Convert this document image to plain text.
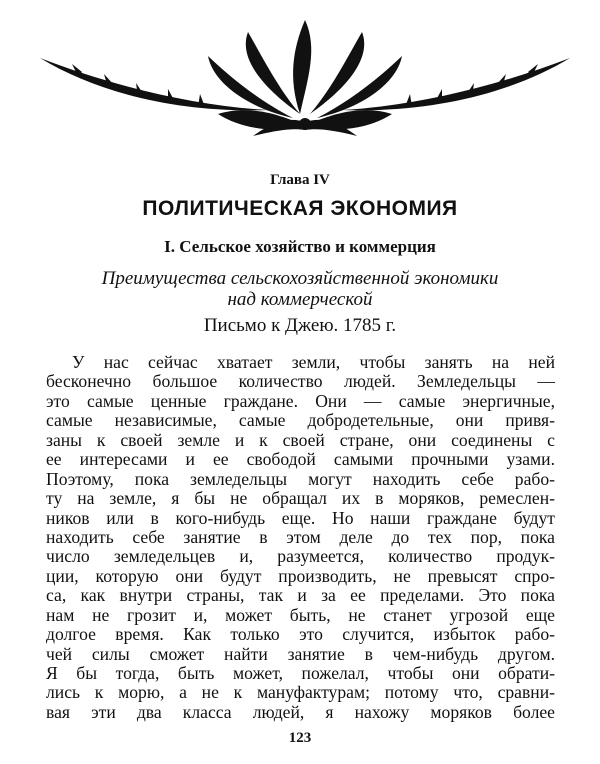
Глава IV
ПОЛИТИЧЕСКАЯ ЭКОНОМИЯ
I. Сельское хозяйство и коммерция
Преимущества сельскохозяйственной экономики
над коммерческой
Письмо к Джею. 1785 г.
У нас сейчас хватает земли, чтобы занять на ней
бесконечно большое количество людей. Земледельцы —
это самые ценные граждане. Они — самые энергичные,
самые независимые, самые добродетельные, они привя-
заны к своей земле и к своей стране, они соединены с
ее интересами и ее свободой самыми прочными узами.
Поэтому, пока земледельцы могут находить себе рабо-
ту на земле, я бы не обращал их в моряков, ремеслен-
ников или в кого-нибудь еще. Но наши граждане будут
находить себе занятие в этом деле до тех пор, пока
число земледельцев и, разумеется, количество продук-
ции, которую они будут производить, не превысят спро-
са, как внутри страны, так и за ее пределами. Это пока
нам не грозит и, может быть, не станет угрозой еще
долгое время. Как только это случится, избыток рабо-
чей силы сможет найти занятие в чем-нибудь другом.
Я бы тогда, быть может, пожелал, чтобы они обрати-
лись к морю, а не к мануфактурам; потому что, сравни-
вая эти два класса людей, я нахожу моряков более
123
